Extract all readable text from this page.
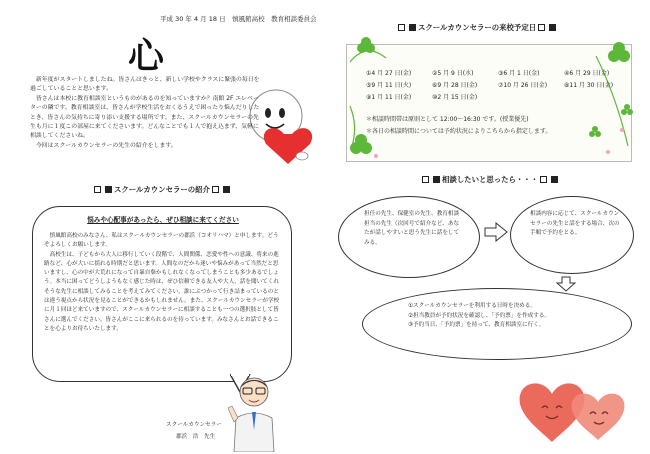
平成 30 年 4 月 18 日　慎風館高校　教育相談委員会
心

　新年度がスタートしましたね。皆さんはきっと、新しい学校やクラスに緊張の毎日を過ごしていることと思います。

　皆さんは本校に教育相談室というものがあるのを知っていますか？南館 2F エレベーターの隣です。教育相談室は、皆さんが学校生活をおくるうえで困ったり悩んだりしたとき、皆さんの気持ちに寄り添い支援する場所です。また、スクールカウンセラーの先生も月に１度この部屋に来てくださいます。どんなことでも１人で抱え込まず、気軽に相談してくださいね。

　今回はスクールカウンセラーの先生の紹介をします。

スクールカウンセラーの紹介
悩みや心配事があったら、ぜひ相談に来てください

　慎風館高校のみなさん、私はスクールカウンセラーの郡浜（コオリハマ）と申します。どうぞよろしくお願いします。

　高校生は、子どもから大人に移行していく段階で、人間関係、恋愛や性への意識、将来の進路など、心が大いに揺れる時期だと思います。人間なのだから迷いや悩みがあって当然だと思いますし、心の中が大荒れになって自暴自棄かもしれなくなってしまうことも多少あるでしょう。本当に困ってどうしようもなく感じた時は、ぜひ信頼できる友人や大人、話を聞いてくれそうな先生に相談してみることを考えてみてください。誰にぶつかって行き詰まっているのとは違う視点から状況を見ることができるかもしれません。また、スクールカウンセラーが学校に月１回ほど来ていますので、スクールカウンセラーに相談することも一つの選択肢として皆さんに選んでください。皆さんがここに来られるのを待っています。みなさんとお話できることを心よりお待ちいたします。

スクールカウンセラー
郡浜　浩　先生
スクールカウンセラーの来校予定日
①4 月 27 日(金)	②5 月 9 日(水)	③6 月 1 日(金)	④6 月 29 日(金)
⑤9 月 11 日(火)	⑥9 月 28 日(金)	⑦10 月 26 日(金)	⑧11 月 30 日(金)
⑨1 月 11 日(金)	⑩2 月 15 日(金)
＊相談時間帯は原則として 12:00～16:30 です。(授業優先)
＊各日の相談時間については予約状況によりこちらから指定します。
相談したいと思ったら・・・
担任の先生、保健室の先生、教育相談担当の先生（次回号で紹介など、あなたが話しやすいと思う先生に話をしてみる。
相談内容に応じて、スクールカウンセラーの先生と話をする場合、次の手順で予約をとる。
①スクールカウンセラーを利用する日時を決める。
②担当教員が予約状況を確認し、「予約票」を作成する。
③予約当日、「予約票」を持って、教育相談室に行く。
